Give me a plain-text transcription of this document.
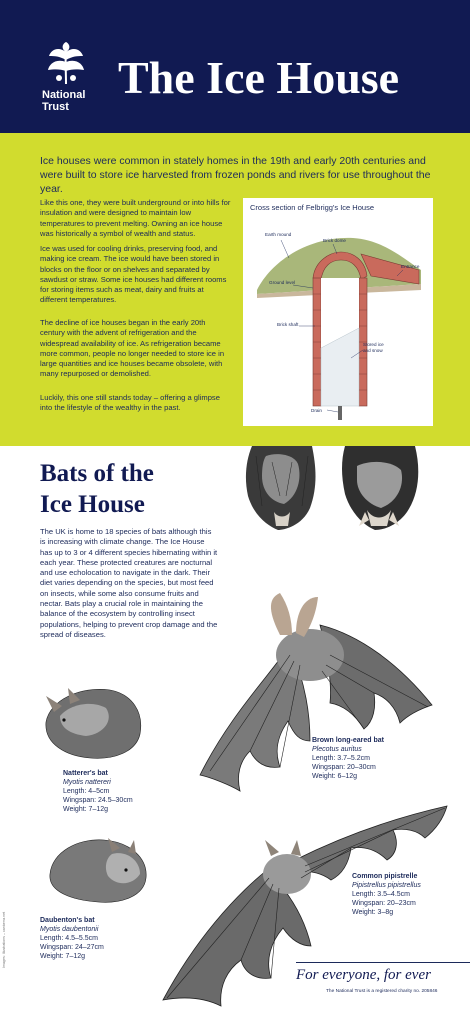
National
Trust
The Ice House
Ice houses were common in stately homes in the 19th and early 20th centuries and were built to store ice harvested from frozen ponds and rivers for use throughout the year.

Like this one, they were built underground or into hills for insulation and were designed to maintain low temperatures to prevent melting. Owning an ice house was historically a symbol of wealth and status.

Ice was used for cooling drinks, preserving food, and making ice cream. The ice would have been stored in blocks on the floor or on shelves and separated by sawdust or straw. Some ice houses had different rooms for storing items such as meat, dairy and fruits at different temperatures.

The decline of ice houses began in the early 20th century with the advent of refrigeration and the widespread availability of ice. As refrigeration became more common, people no longer needed to store ice in large quantities and ice houses became obsolete, with many repurposed or demolished.

Luckily, this one still stands today – offering a glimpse into the lifestyle of the wealthy in the past.

Cross section of Felbrigg's Ice House
Earth mound
Brick dome
Entrance
Ground level
Brick shaft
Stored ice
and snow
Drain
Bats of the
Ice House
The UK is home to 18 species of bats although this is increasing with climate change. The Ice House has up to 3 or 4 different species hibernating within it each year. These protected creatures are nocturnal and use echolocation to navigate in the dark. Their diet varies depending on the species, but most feed on insects, while some also consume fruits and nectar. Bats play a crucial role in maintaining the balance of the ecosystem by controlling insect populations, helping to prevent crop damage and the spread of diseases.
Natterer's bat
Myotis nattereri
Length: 4–5cm
Wingspan: 24.5–30cm
Weight: 7–12g
Brown long-eared bat
Plecotus auritus
Length: 3.7–5.2cm
Wingspan: 20–30cm
Weight: 6–12g
Common pipistrelle
Pipistrellus pipistrellus
Length: 3.5–4.5cm
Wingspan: 20–23cm
Weight: 3–8g
Daubenton's bat
Myotis daubentonii
Length: 4.5–5.5cm
Wingspan: 24–27cm
Weight: 7–12g
For everyone, for ever
The National Trust is a registered charity no. 205846
Images: Illustrations – canberra.net
